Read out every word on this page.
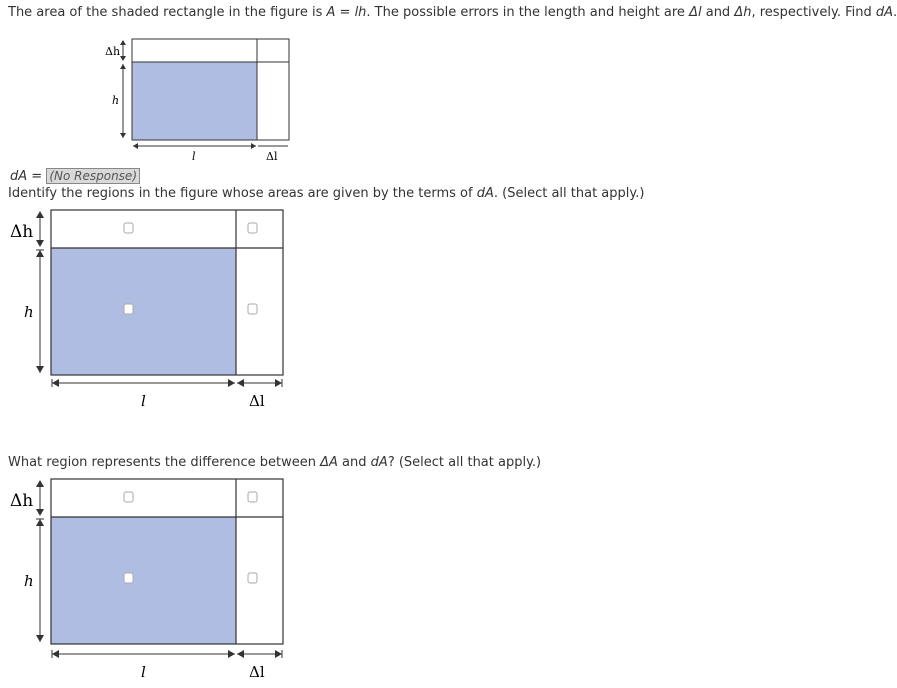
The area of the shaded rectangle in the figure is A = lh. The possible errors in the length and height are Δl and Δh, respectively. Find dA.
Δh
h
l	Δl
dA = (No Response)
Identify the regions in the figure whose areas are given by the terms of dA. (Select all that apply.)
Δh
h
l	Δl
What region represents the difference between ΔA and dA? (Select all that apply.)
Δh
h
l	Δl
